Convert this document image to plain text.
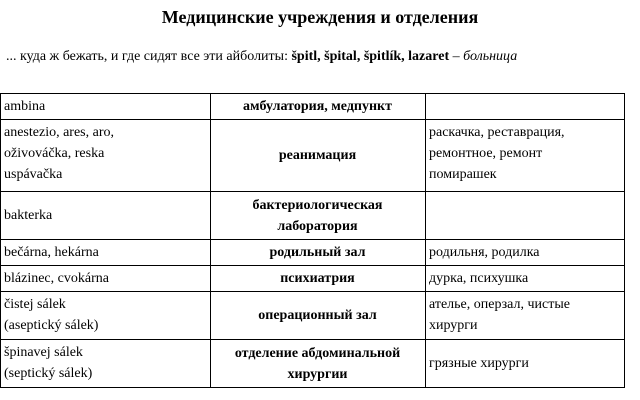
Медицинские учреждения и отделения
... куда ж бежать, и где сидят все эти айболиты: špitl, špital, špitlík, lazaret – больница
ambina	амбулатория, медпункт	

anestezio, ares, aro,
oživováčka, reska
uspávačka	реанимация	раскачка, реставрация,
ремонтное, ремонт
помирашек

bakterka	бактериологическая
лаборатория	

bečárna, hekárna	родильный зал	родильня, родилка

blázinec, cvokárna	психиатрия	дурка, психушка

čistej sálek
(aseptický sálek)	операционный зал	ателье, оперзал, чистые
хирурги

špinavej sálek
(septický sálek)	отделение абдоминальной
хирургии	грязные хирурги
